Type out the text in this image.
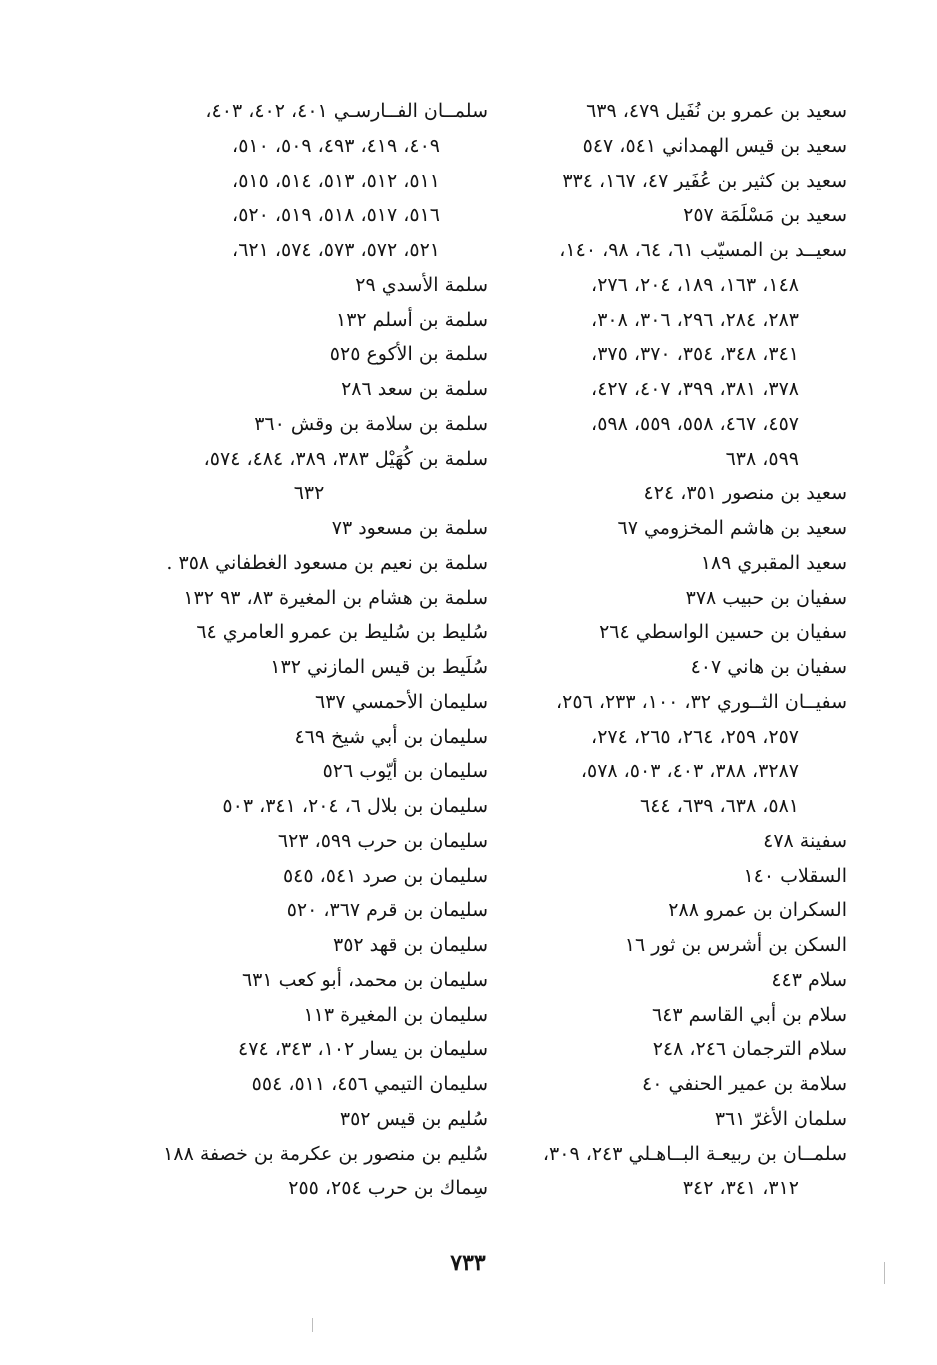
سعيد بن عمرو بن نُفَيل ٤٧٩، ٦٣٩
سعيد بن قيس الهمداني ٥٤١، ٥٤٧
سعيد بن كثير بن عُفَير ٤٧، ١٦٧، ٣٣٤
سعيد بن مَسْلَمَة ٢٥٧
سعيــد بن المسيّب ٦١، ٦٤، ٩٨، ١٤٠،
١٤٨، ١٦٣، ١٨٩، ٢٠٤، ٢٧٦،
٢٨٣، ٢٨٤، ٢٩٦، ٣٠٦، ٣٠٨،
٣٤١، ٣٤٨، ٣٥٤، ٣٧٠، ٣٧٥،
٣٧٨، ٣٨١، ٣٩٩، ٤٠٧، ٤٢٧،
٤٥٧، ٤٦٧، ٥٥٨، ٥٥٩، ٥٩٨،
٥٩٩، ٦٣٨
سعيد بن منصور ٣٥١، ٤٢٤
سعيد بن هاشم المخزومي ٦٧
سعيد المقبري ١٨٩
سفيان بن حبيب ٣٧٨
سفيان بن حسين الواسطي ٢٦٤
سفيان بن هاني ٤٠٧
سفيــان الثــوري ٣٢، ١٠٠، ٢٣٣، ٢٥٦،
٢٥٧، ٢٥٩، ٢٦٤، ٢٦٥، ٢٧٤،
٣٢٨٧، ٣٨٨، ٤٠٣، ٥٠٣، ٥٧٨،
٥٨١، ٦٣٨، ٦٣٩، ٦٤٤
سفينة ٤٧٨
السقلاب ١٤٠
السكران بن عمرو ٢٨٨
السكن بن أشرس بن ثور ١٦
سلام ٤٤٣
سلام بن أبي القاسم ٦٤٣
سلام الترجمان ٢٤٦، ٢٤٨
سلامة بن عمير الحنفي ٤٠
سلمان الأغرّ ٣٦١
سلمــان بن ربيعـة البــاهـلي ٢٤٣، ٣٠٩،
٣١٢، ٣٤١، ٣٤٢
سلمــان الفــارسـي ٤٠١، ٤٠٢، ٤٠٣،
٤٠٩، ٤١٩، ٤٩٣، ٥٠٩، ٥١٠،
٥١١، ٥١٢، ٥١٣، ٥١٤، ٥١٥،
٥١٦، ٥١٧، ٥١٨، ٥١٩، ٥٢٠،
٥٢١، ٥٧٢، ٥٧٣، ٥٧٤، ٦٢١،
سلمة الأسدي ٢٩
سلمة بن أسلم ١٣٢
سلمة بن الأكوع ٥٢٥
سلمة بن سعد ٢٨٦
سلمة بن سلامة بن وقش ٣٦٠
سلمة بن كُهَيْل ٣٨٣، ٣٨٩، ٤٨٤، ٥٧٤،
٦٣٢
سلمة بن مسعود ٧٣
سلمة بن نعيم بن مسعود الغطفاني ٣٥٨ .
سلمة بن هشام بن المغيرة ٨٣، ٩٣ ١٣٢
سُليط بن سُليط بن عمرو العامري ٦٤
سُلَيط بن قيس المازني ١٣٢
سليمان الأحمسي ٦٣٧
سليمان بن أبي شيخ ٤٦٩
سليمان بن أيّوب ٥٢٦
سليمان بن بلال ٦، ٢٠٤، ٣٤١، ٥٠٣
سليمان بن حرب ٥٩٩، ٦٢٣
سليمان بن صرد ٥٤١، ٥٤٥
سليمان بن قرم ٣٦٧، ٥٢٠
سليمان بن قهد ٣٥٢
سليمان بن محمد، أبو كعب ٦٣١
سليمان بن المغيرة ١١٣
سليمان بن يسار ١٠٢، ٣٤٣، ٤٧٤
سليمان التيمي ٤٥٦، ٥١١، ٥٥٤
سُليم بن قيس ٣٥٢
سُليم بن منصور بن عكرمة بن خصفة ١٨٨
سِماك بن حرب ٢٥٤، ٢٥٥
٧٣٣
